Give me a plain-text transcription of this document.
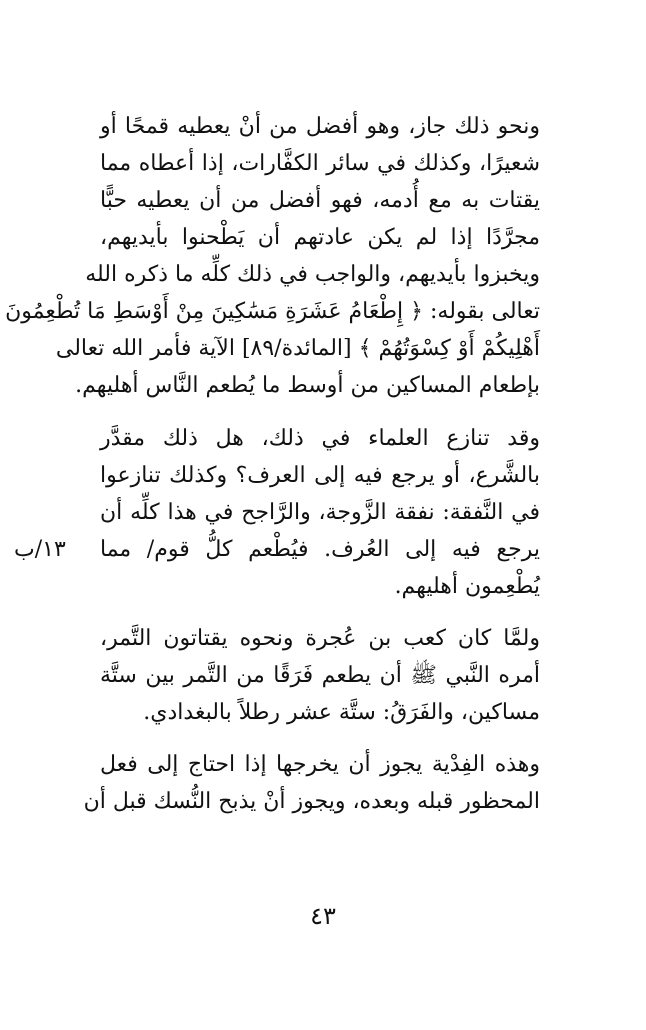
ونحو ذلك جاز، وهو أفضل من أنْ يعطيه قمحًا أو
شعيرًا، وكذلك في سائر الكفَّارات، إذا أعطاه مما
يقتات به مع أُدمه، فهو أفضل من أن يعطيه حبًّا
مجرَّدًا إذا لم يكن عادتهم أن يَطْحنوا بأيديهم،
ويخبزوا بأيديهم، والواجب في ذلك كلِّه ما ذكره الله
تعالى بقوله: ﴿ إِطْعَامُ عَشَرَةِ مَسَٰكِينَ مِنْ أَوْسَطِ مَا تُطْعِمُونَ
أَهْلِيكُمْ أَوْ كِسْوَتُهُمْ ﴾ [المائدة/٨٩] الآية فأمر الله تعالى
بإطعام المساكين من أوسط ما يُطعم النَّاس أهليهم.
وقد تنازع العلماء في ذلك، هل ذلك مقدَّر
بالشَّرع، أو يرجع فيه إلى العرف؟ وكذلك تنازعوا
في النَّفقة: نفقة الزَّوجة، والرَّاجح في هذا كلِّه أن
يرجع فيه إلى العُرف. فيُطْعم كلُّ قوم/ مما
يُطْعِمون أهليهم.
١٣/ب
ولمَّا كان كعب بن عُجرة ونحوه يقتاتون التَّمر،
أمره النَّبي ﷺ أن يطعم فَرَقًا من التَّمر بين ستَّة
مساكين، والفَرَقُ: ستَّة عشر رطلاً بالبغدادي.
وهذه الفِدْية يجوز أن يخرجها إذا احتاج إلى فعل
المحظور قبله وبعده، ويجوز أنْ يذبح النُّسك قبل أن
٤٣
